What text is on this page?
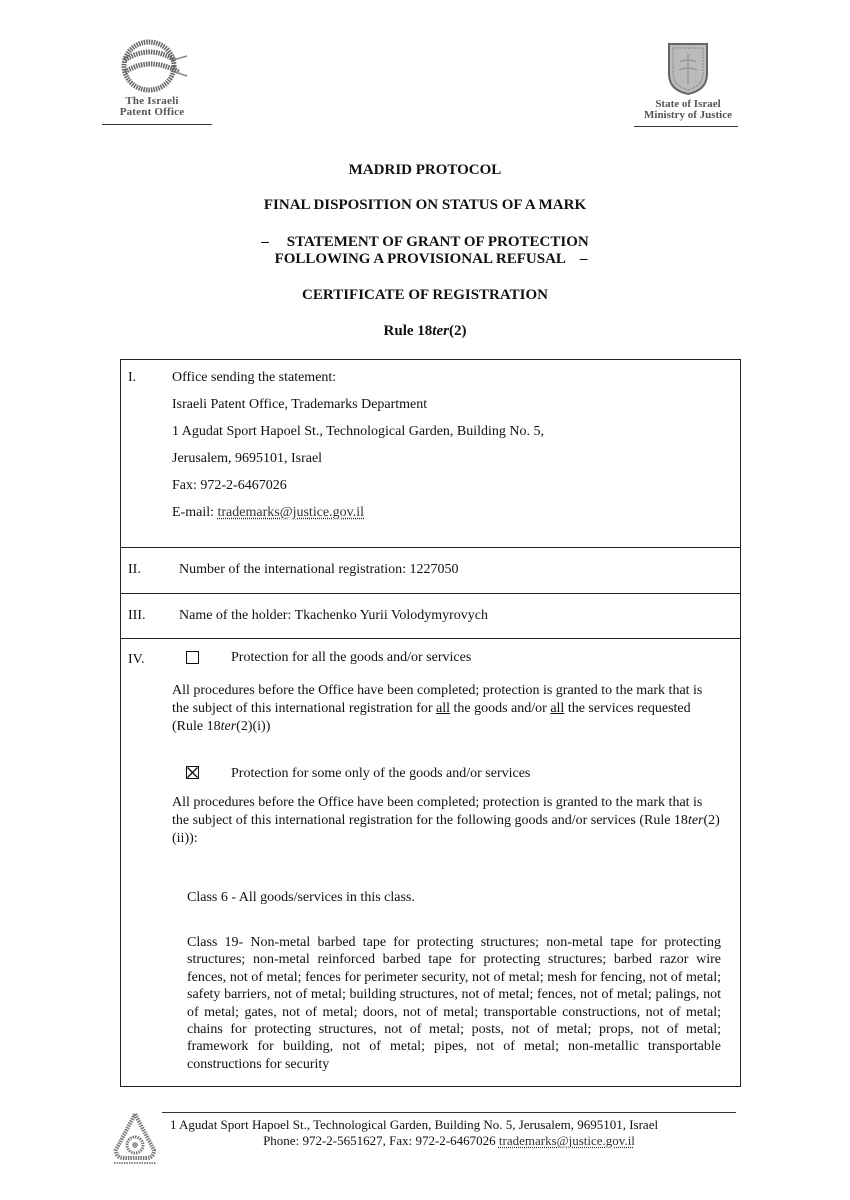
The Israeli
Patent Office
State of Israel
Ministry of Justice
MADRID PROTOCOL
FINAL DISPOSITION ON STATUS OF A MARK
– STATEMENT OF GRANT OF PROTECTION
FOLLOWING A PROVISIONAL REFUSAL –
CERTIFICATE OF REGISTRATION
Rule 18ter(2)
I.	Office sending the statement:
Israeli Patent Office, Trademarks Department
1 Agudat Sport Hapoel St., Technological Garden, Building No. 5,
Jerusalem, 9695101, Israel
Fax: 972-2-6467026
E-mail: trademarks@justice.gov.il
II.	Number of the international registration: 1227050
III. Name of the holder: Tkachenko Yurii Volodymyrovych
IV.	Protection for all the goods and/or services
All procedures before the Office have been completed; protection is granted to the mark that is the subject of this international registration for all the goods and/or all the services requested (Rule 18ter(2)(i))
Protection for some only of the goods and/or services
All procedures before the Office have been completed; protection is granted to the mark that is the subject of this international registration for the following goods and/or services (Rule 18ter(2)(ii)):
Class 6 - All goods/services in this class.
Class 19- Non-metal barbed tape for protecting structures; non-metal tape for protecting structures; non-metal reinforced barbed tape for protecting structures; barbed razor wire fences, not of metal; fences for perimeter security, not of metal; mesh for fencing, not of metal; safety barriers, not of metal; building structures, not of metal; fences, not of metal; palings, not of metal; gates, not of metal; doors, not of metal; transportable constructions, not of metal; chains for protecting structures, not of metal; posts, not of metal; props, not of metal; framework for building, not of metal; pipes, not of metal; non-metallic transportable constructions for security
1 Agudat Sport Hapoel St., Technological Garden, Building No. 5, Jerusalem, 9695101, Israel
Phone: 972-2-5651627, Fax: 972-2-6467026 trademarks@justice.gov.il
